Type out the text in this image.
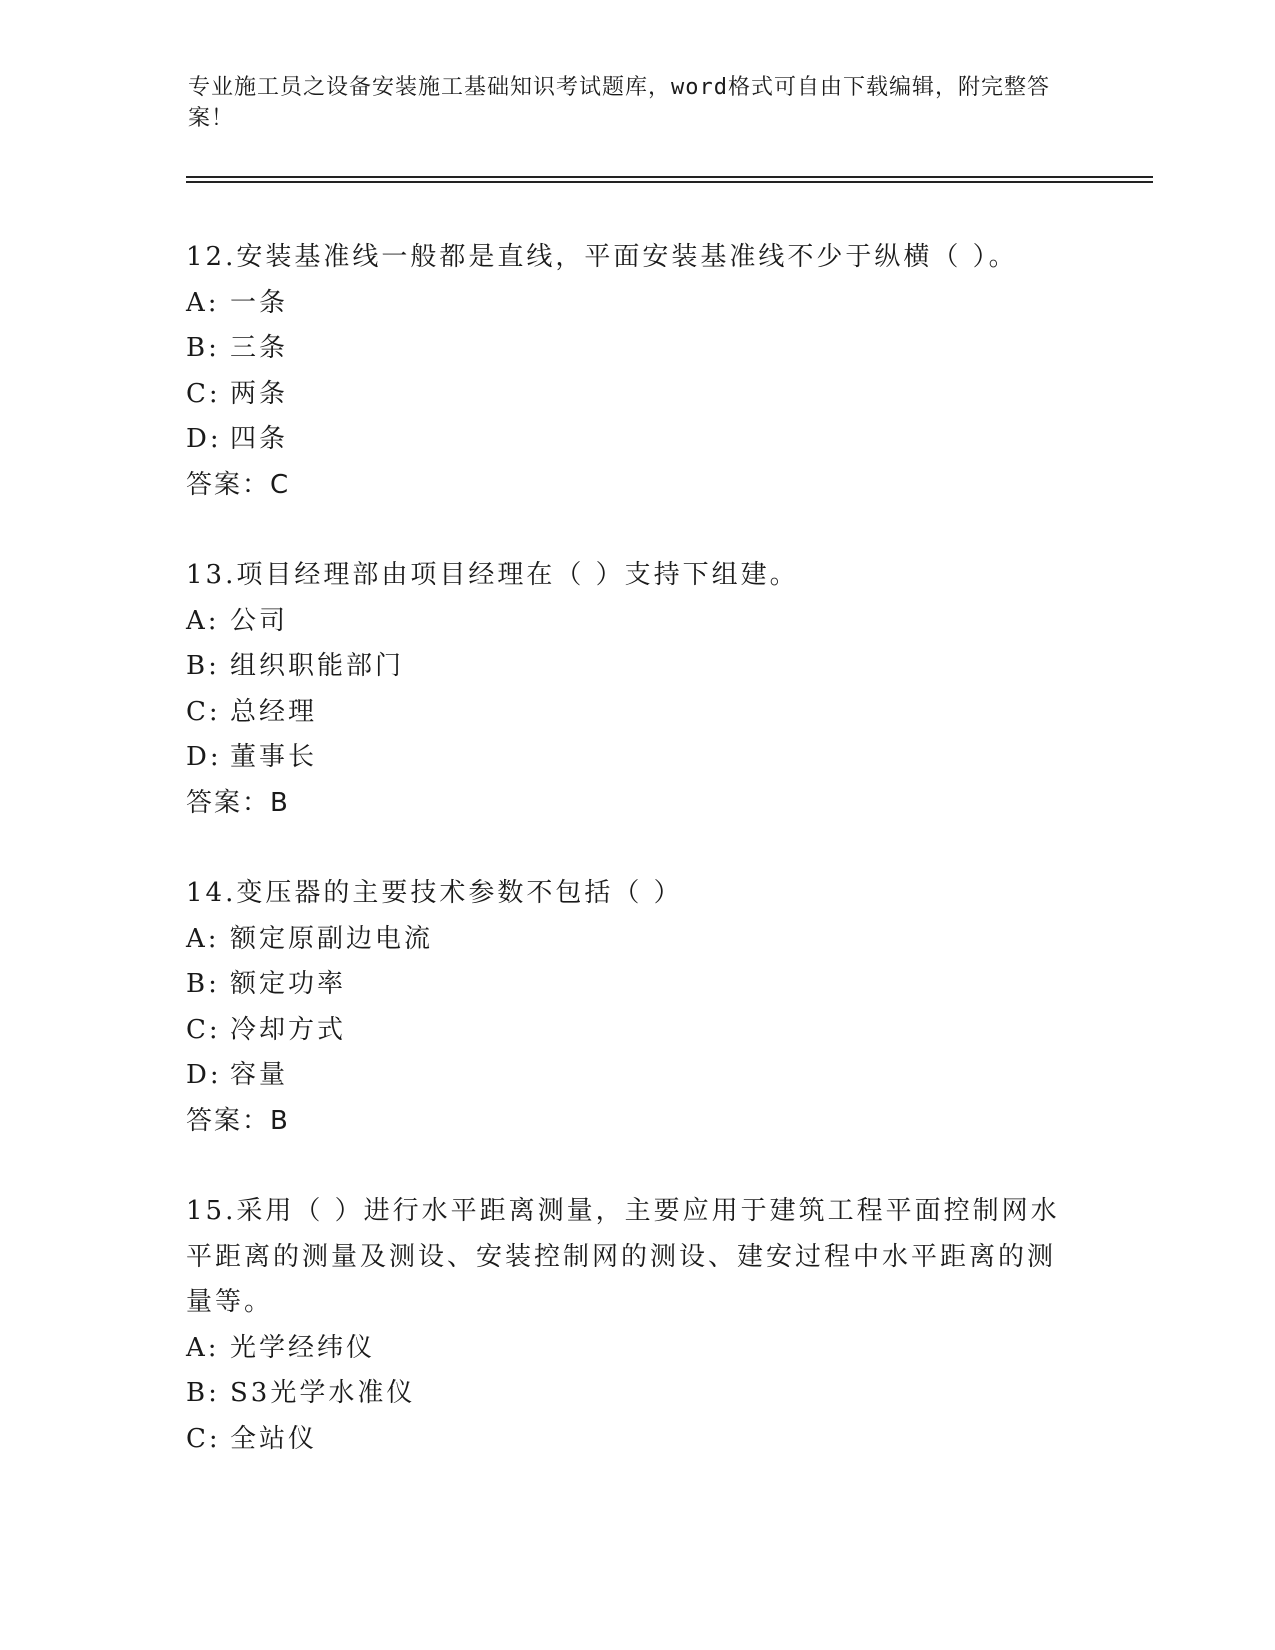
专业施工员之设备安装施工基础知识考试题库，word格式可自由下载编辑，附完整答案！

12.安装基准线一般都是直线，平面安装基准线不少于纵横（ ）。

A: 一条
B: 三条
C: 两条
D: 四条
答案：C

13.项目经理部由项目经理在（ ）支持下组建。

A: 公司
B: 组织职能部门
C: 总经理
D: 董事长
答案：B

14.变压器的主要技术参数不包括（ ）

A: 额定原副边电流
B: 额定功率
C: 冷却方式
D: 容量
答案：B

15.采用（ ）进行水平距离测量，主要应用于建筑工程平面控制网水平距离的测量及测设、安装控制网的测设、建安过程中水平距离的测量等。

A: 光学经纬仪
B: S3光学水准仪
C: 全站仪
